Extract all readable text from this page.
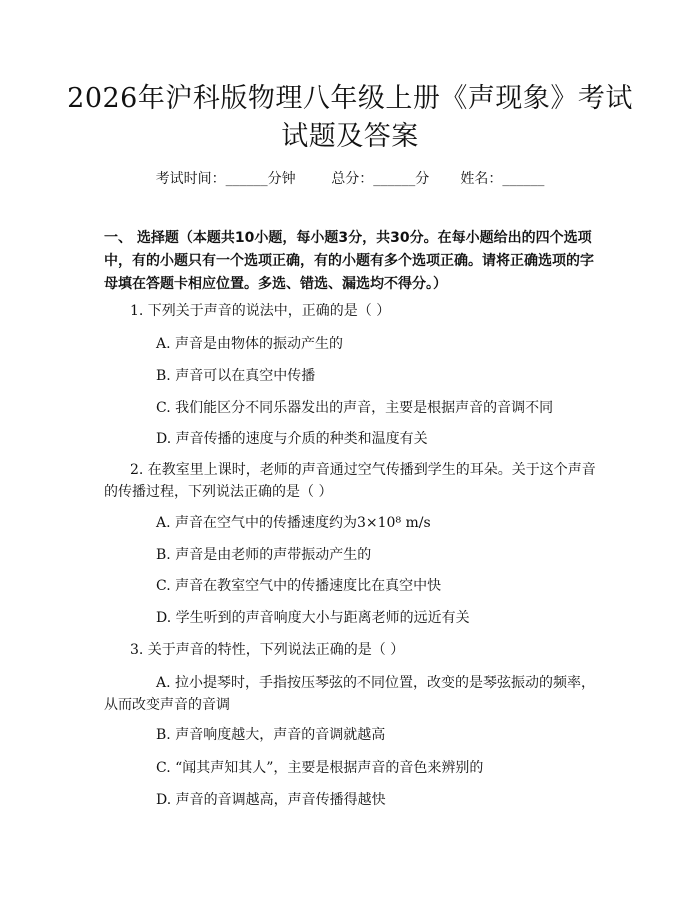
2026年沪科版物理八年级上册《声现象》考试试题及答案
考试时间：______分钟	总分：______分 姓名：______
一、 选择题（本题共10小题，每小题3分，共30分。在每小题给出的四个选项中，有的小题只有一个选项正确，有的小题有多个选项正确。请将正确选项的字母填在答题卡相应位置。多选、错选、漏选均不得分。）
1. 下列关于声音的说法中，正确的是（ ）
A. 声音是由物体的振动产生的
B. 声音可以在真空中传播
C. 我们能区分不同乐器发出的声音，主要是根据声音的音调不同
D. 声音传播的速度与介质的种类和温度有关
2. 在教室里上课时，老师的声音通过空气传播到学生的耳朵。关于这个声音的传播过程，下列说法正确的是（ ）
A. 声音在空气中的传播速度约为3×10⁸ m/s
B. 声音是由老师的声带振动产生的
C. 声音在教室空气中的传播速度比在真空中快
D. 学生听到的声音响度大小与距离老师的远近有关
3. 关于声音的特性，下列说法正确的是（ ）
A. 拉小提琴时，手指按压琴弦的不同位置，改变的是琴弦振动的频率，从而改变声音的音调
B. 声音响度越大，声音的音调就越高
C. “闻其声知其人”，主要是根据声音的音色来辨别的
D. 声音的音调越高，声音传播得越快
